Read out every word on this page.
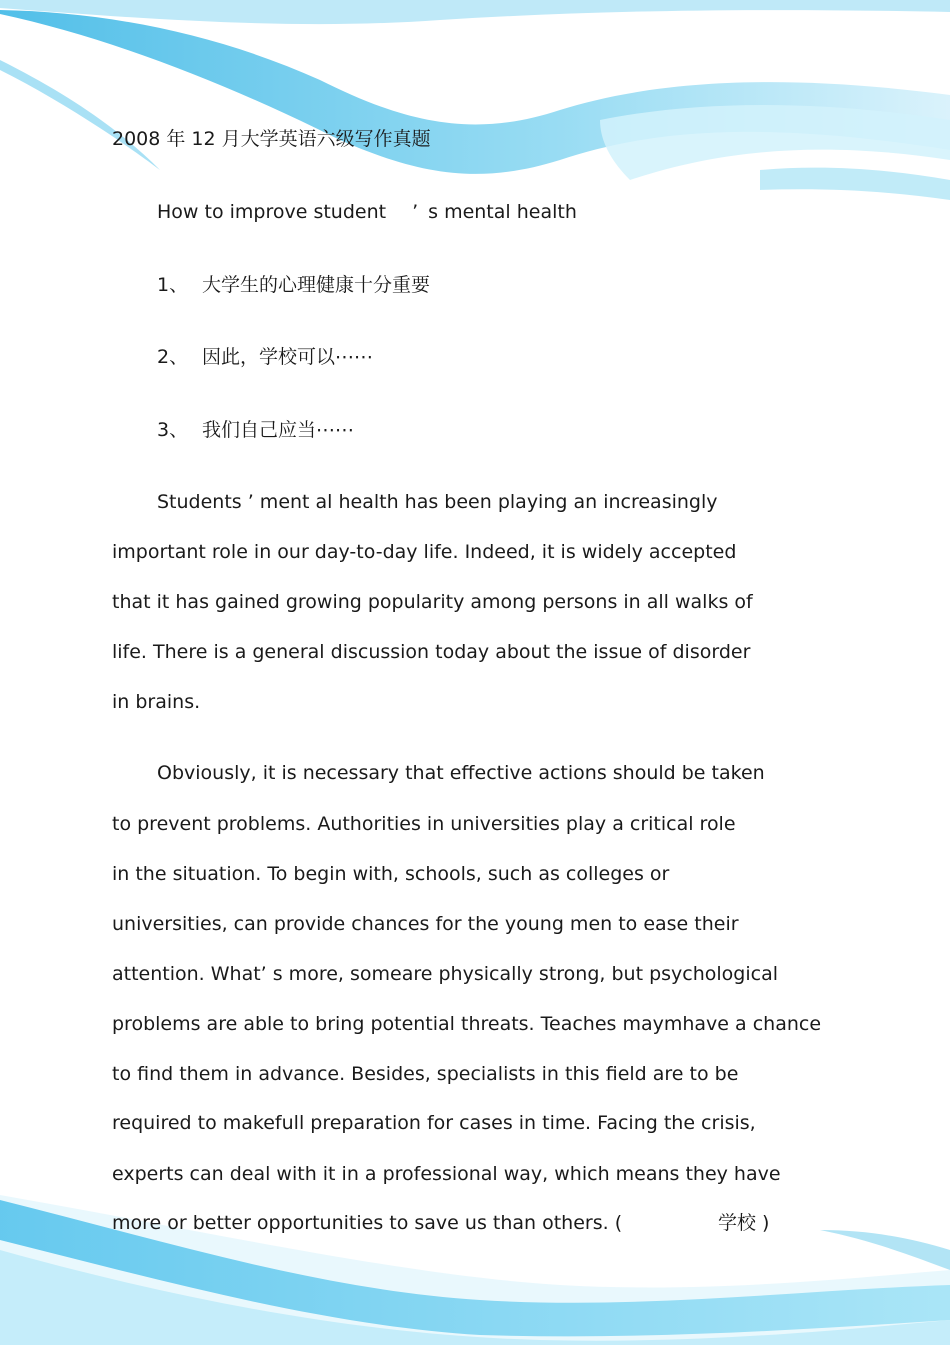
2008 年 12 月大学英语六级写作真题

How to improve student ’ s mental health

1、 大学生的心理健康十分重要

2、 因此，学校可以⋯⋯

3、 我们自己应当⋯⋯

Students ’ ment al health has been playing an increasingly

important role in our day-to-day life. Indeed, it is widely accepted

that it has gained growing popularity among persons in all walks of

life. There is a general discussion today about the issue of disorder

in brains.

Obviously, it is necessary that effective actions should be taken

to prevent problems. Authorities in universities play a critical role

in the situation. To begin with, schools, such as colleges or

universities, can provide chances for the young men to ease their

attention. What’ s more, someare physically strong, but psychological

problems are able to bring potential threats. Teaches maymhave a chance

to find them in advance. Besides, specialists in this field are to be

required to makefull preparation for cases in time. Facing the crisis,

experts can deal with it in a professional way, which means they have

more or better opportunities to save us than others. (	学校 )
